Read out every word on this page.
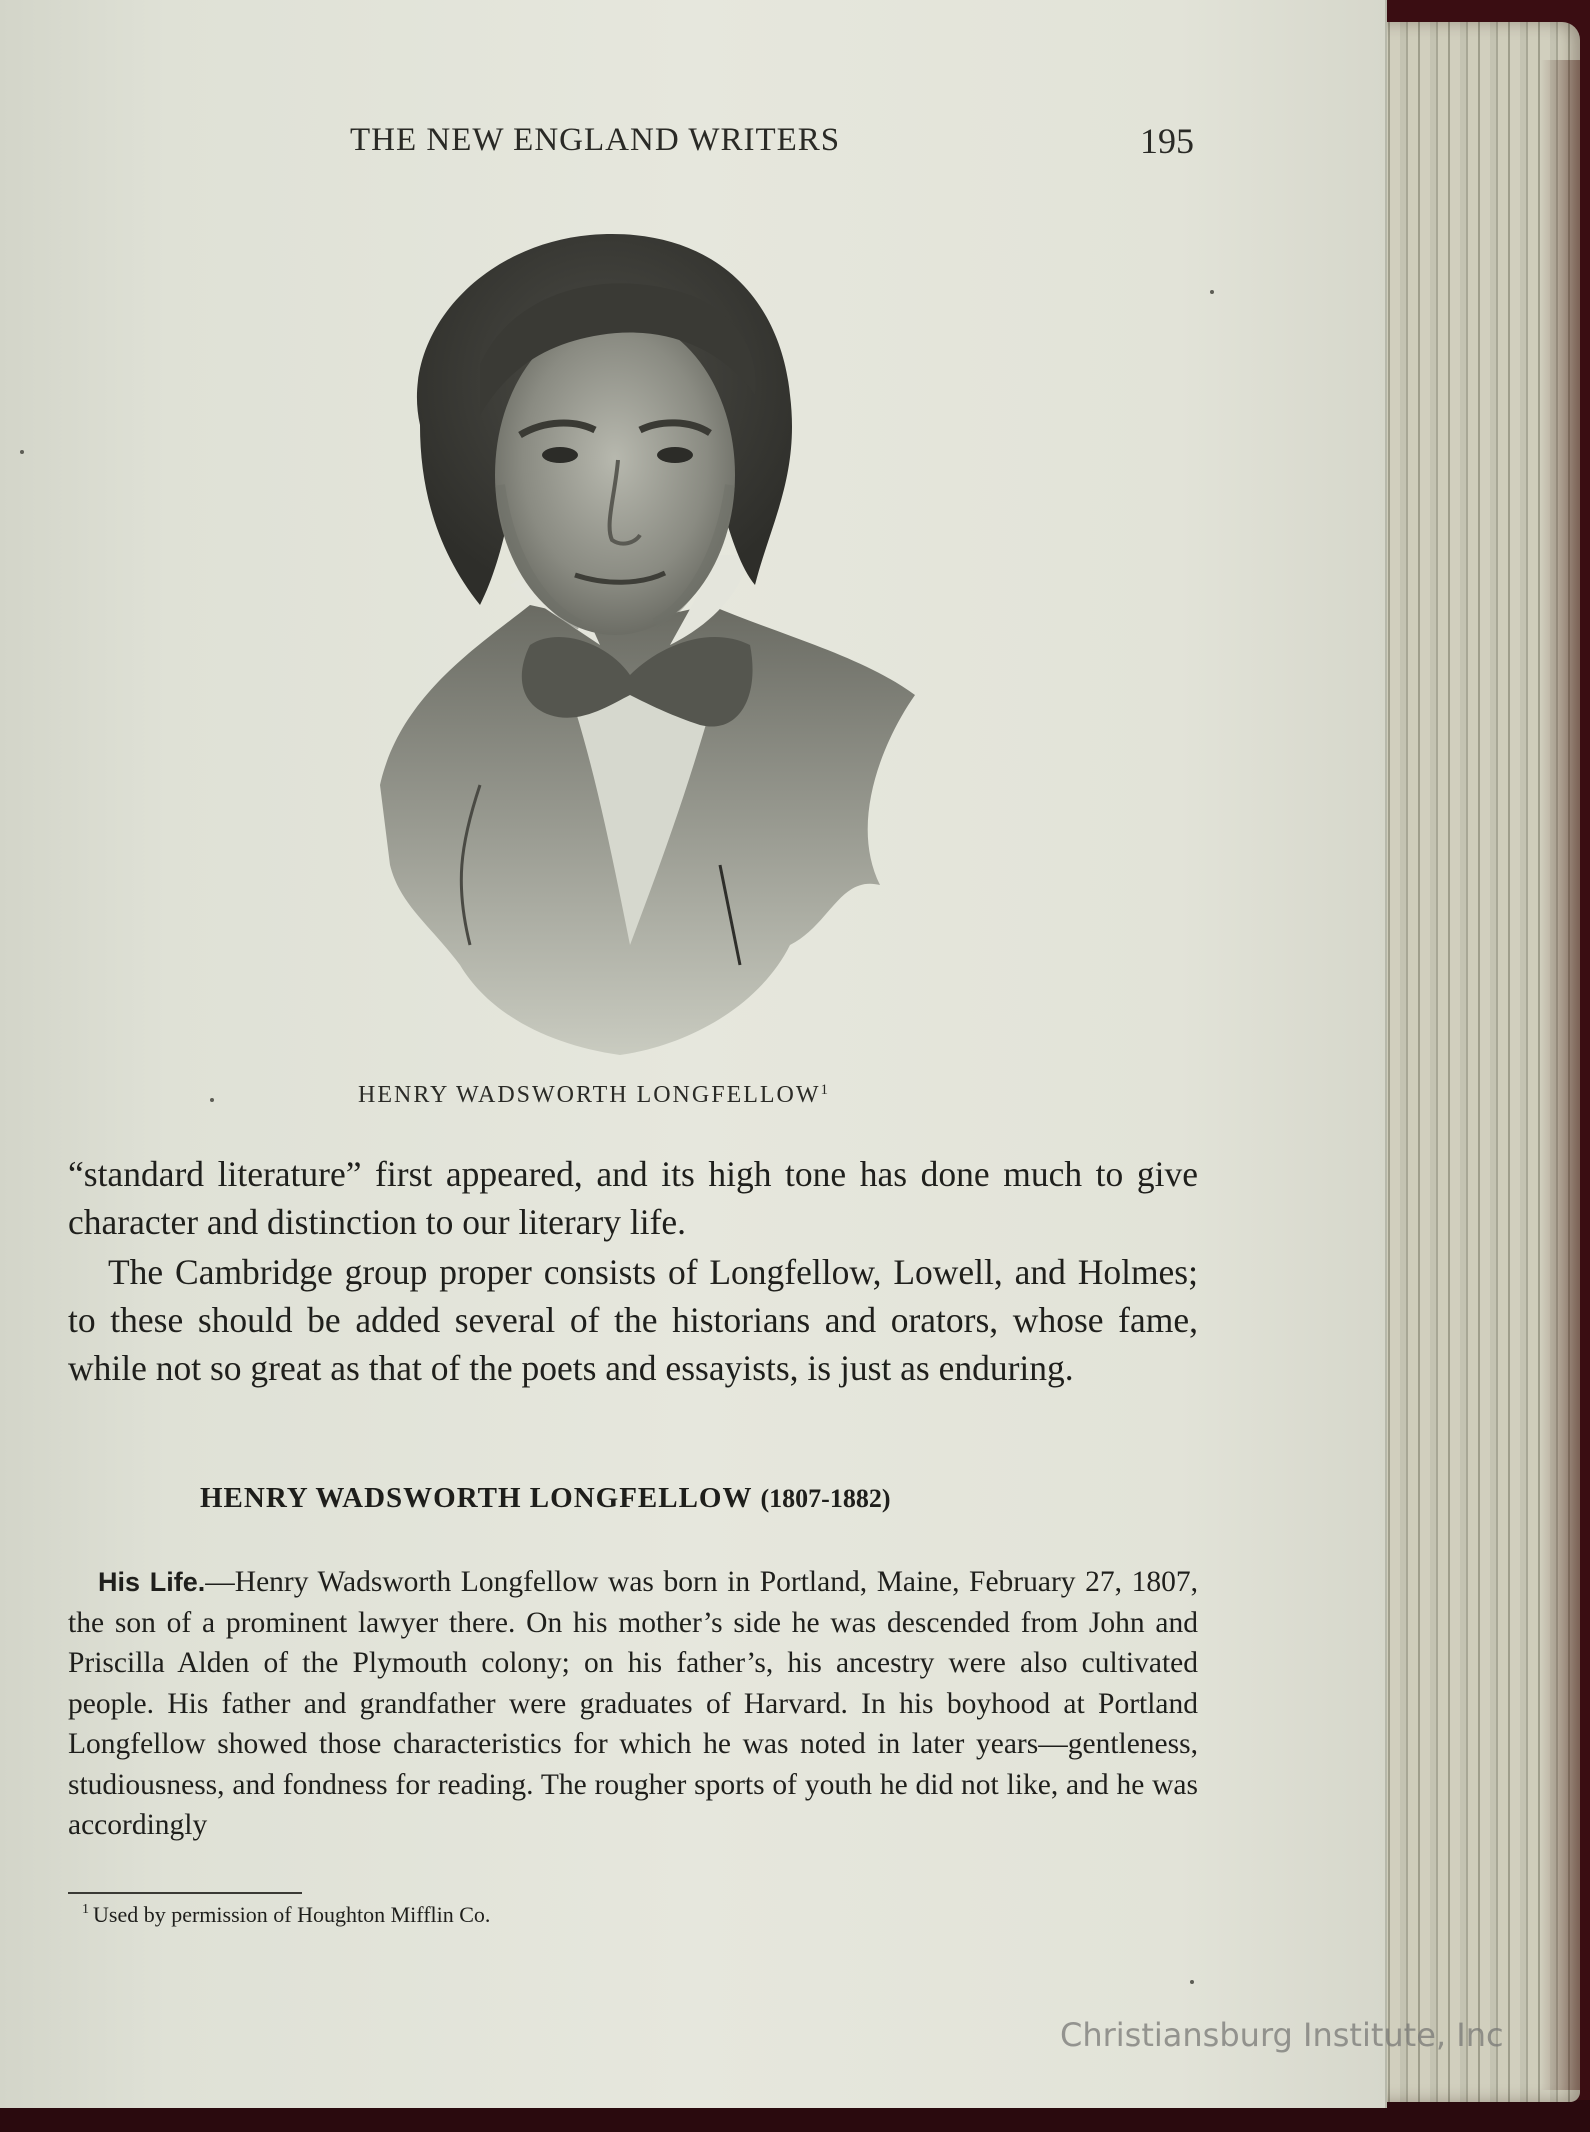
THE NEW ENGLAND WRITERS	195
HENRY WADSWORTH LONGFELLOW$^1$

“standard literature” first appeared, and its high tone has done much to give character and distinction to our literary life.

The Cambridge group proper consists of Longfellow, Lowell, and Holmes; to these should be added several of the historians and orators, whose fame, while not so great as that of the poets and essayists, is just as enduring.

HENRY WADSWORTH LONGFELLOW (1807-1882)

His Life.—Henry Wadsworth Longfellow was born in Portland, Maine, February 27, 1807, the son of a prominent lawyer there. On his mother’s side he was descended from John and Priscilla Alden of the Plymouth colony; on his father’s, his ancestry were also cultivated people. His father and grandfather were graduates of Harvard. In his boyhood at Portland Longfellow showed those characteristics for which he was noted in later years—gentleness, studiousness, and fondness for reading. The rougher sports of youth he did not like, and he was accordingly

$^1$ Used by permission of Houghton Mifflin Co.
Christiansburg Institute, Inc
